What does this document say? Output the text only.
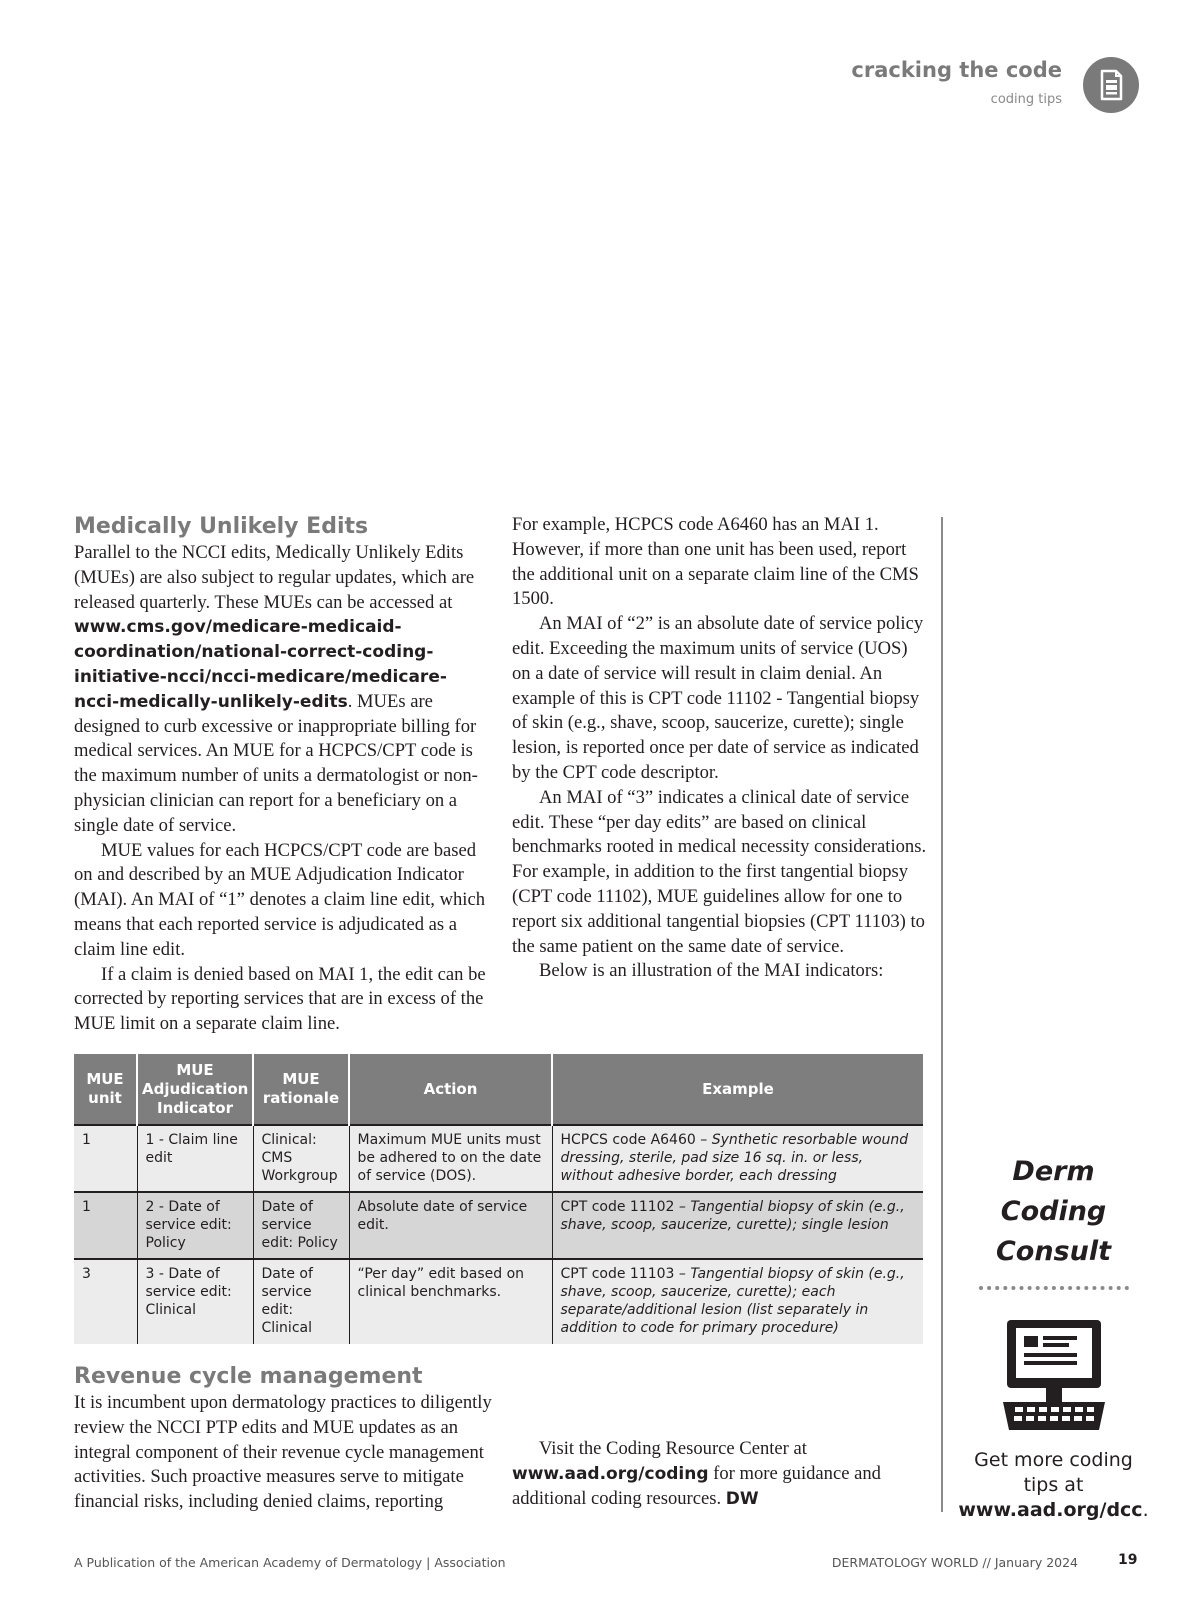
cracking the code
coding tips
Medically Unlikely Edits

Parallel to the NCCI edits, Medically Unlikely Edits (MUEs) are also subject to regular updates, which are released quarterly. These MUEs can be accessed at www.cms.gov/medicare-medicaid-coordination/national-correct-coding-initiative-ncci/ncci-medicare/medicare-ncci-medically-unlikely-edits. MUEs are designed to curb excessive or inappropriate billing for medical services. An MUE for a HCPCS/CPT code is the maximum number of units a dermatologist or non-physician clinician can report for a beneficiary on a single date of service.

MUE values for each HCPCS/CPT code are based on and described by an MUE Adjudication Indicator (MAI). An MAI of “1” denotes a claim line edit, which means that each reported service is adjudicated as a claim line edit.

If a claim is denied based on MAI 1, the edit can be corrected by reporting services that are in excess of the MUE limit on a separate claim line.

For example, HCPCS code A6460 has an MAI 1. However, if more than one unit has been used, report the additional unit on a separate claim line of the CMS 1500.

An MAI of “2” is an absolute date of service policy edit. Exceeding the maximum units of service (UOS) on a date of service will result in claim denial. An example of this is CPT code 11102 - Tangential biopsy of skin (e.g., shave, scoop, saucerize, curette); single lesion, is reported once per date of service as indicated by the CPT code descriptor.

An MAI of “3” indicates a clinical date of service edit. These “per day edits” are based on clinical benchmarks rooted in medical necessity considerations. For example, in addition to the first tangential biopsy (CPT code 11102), MUE guidelines allow for one to report six additional tangential biopsies (CPT 11103) to the same patient on the same date of service.

Below is an illustration of the MAI indicators:

MUE unit	MUE Adjudication Indicator	MUE rationale	Action	Example
1	1 - Claim line edit	Clinical: CMS Workgroup	Maximum MUE units must be adhered to on the date of service (DOS).	HCPCS code A6460 – Synthetic resorbable wound dressing, sterile, pad size 16 sq. in. or less, without adhesive border, each dressing
1	2 - Date of service edit: Policy	Date of service edit: Policy	Absolute date of service edit.	CPT code 11102 – Tangential biopsy of skin (e.g., shave, scoop, saucerize, curette); single lesion
3	3 - Date of service edit: Clinical	Date of service edit: Clinical	“Per day” edit based on clinical benchmarks.	CPT code 11103 – Tangential biopsy of skin (e.g., shave, scoop, saucerize, curette); each separate/additional lesion (list separately in addition to code for primary procedure)
Revenue cycle management

It is incumbent upon dermatology practices to diligently review the NCCI PTP edits and MUE updates as an integral component of their revenue cycle management activities. Such proactive measures serve to mitigate financial risks, including denied claims, reporting

Visit the Coding Resource Center at www.aad.org/coding for more guidance and additional coding resources. DW

Derm Coding Consult
Get more coding tips at www.aad.org/dcc.
A Publication of the American Academy of Dermatology | Association	DERMATOLOGY WORLD // January 2024	19
